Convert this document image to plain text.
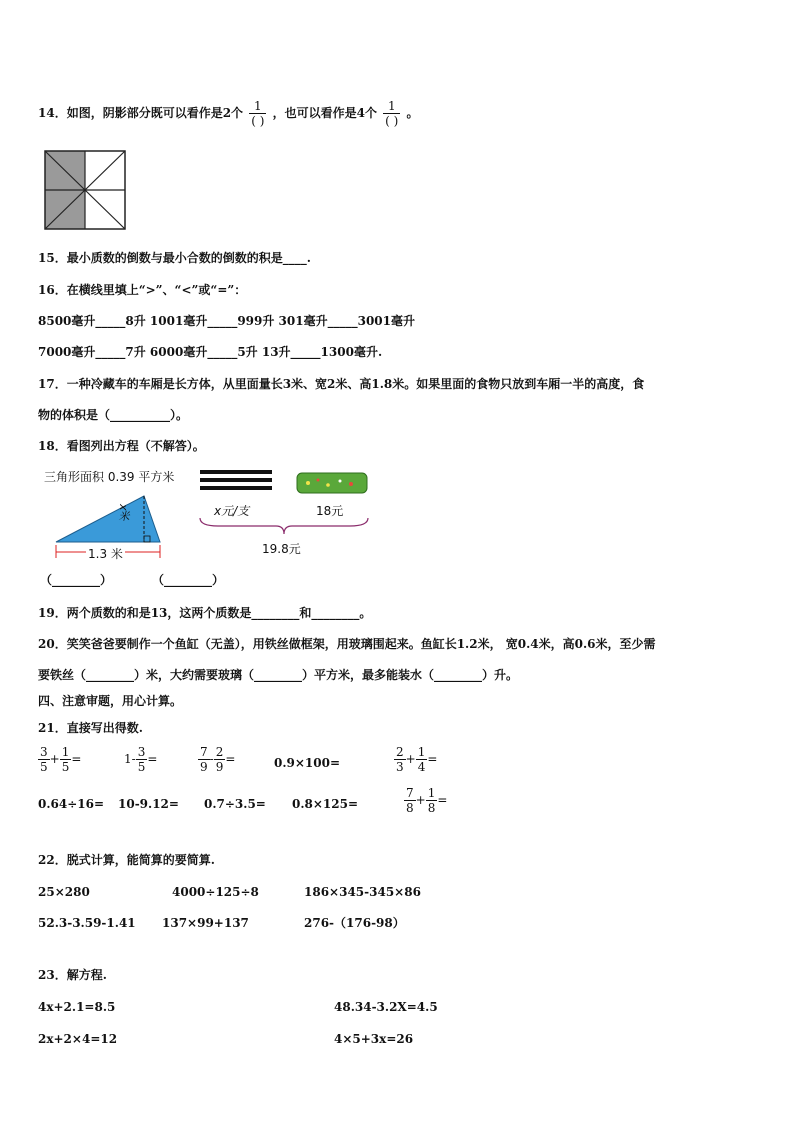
14．如图，阴影部分既可以看作是2个 $\frac{1}{( )}$ ，也可以看作是4个 $\frac{1}{( )}$ 。
15．最小质数的倒数与最小合数的倒数的积是____.
16．在横线里填上“>”、“<”或“=”：
8500毫升_____8升 1001毫升_____999升 301毫升_____3001毫升
7000毫升_____7升 6000毫升_____5升 13升_____1300毫升.
17．一种冷藏车的车厢是长方体，从里面量长3米、宽2米、高1.8米。如果里面的食物只放到车厢一半的高度，食
物的体积是（__________）。
18．看图列出方程（不解答）。
三角形面积 0.39 平方米
x米
1.3 米
x元/支	18元
19.8元
（________）	（________）
19．两个质数的和是13，这两个质数是________和________。
20．笑笑爸爸要制作一个鱼缸（无盖），用铁丝做框架，用玻璃围起来。鱼缸长1.2米， 宽0.4米，高0.6米，至少需
要铁丝（________）米，大约需要玻璃（________）平方米，最多能装水（________）升。
四、注意审题，用心计算。
21．直接写出得数.
$\frac{3}{5} + \frac{1}{5}$ =	$1- \frac{3}{5}$ =	$\frac{7}{9} - \frac{2}{9}$ =	0.9×100=	$\frac{2}{3} + \frac{1}{4}$ =
0.64÷16= 10-9.12= 0.7÷3.5= 0.8×125=	$\frac{7}{8} + \frac{1}{8}$ =
22．脱式计算，能简算的要简算.
25×280	4000÷125÷8	186×345-345×86
52.3-3.59-1.41 137×99+137	276-（176-98）
23．解方程.
4x+2.1=8.5	48.34-3.2X=4.5
2x+2×4=12	4×5+3x=26
